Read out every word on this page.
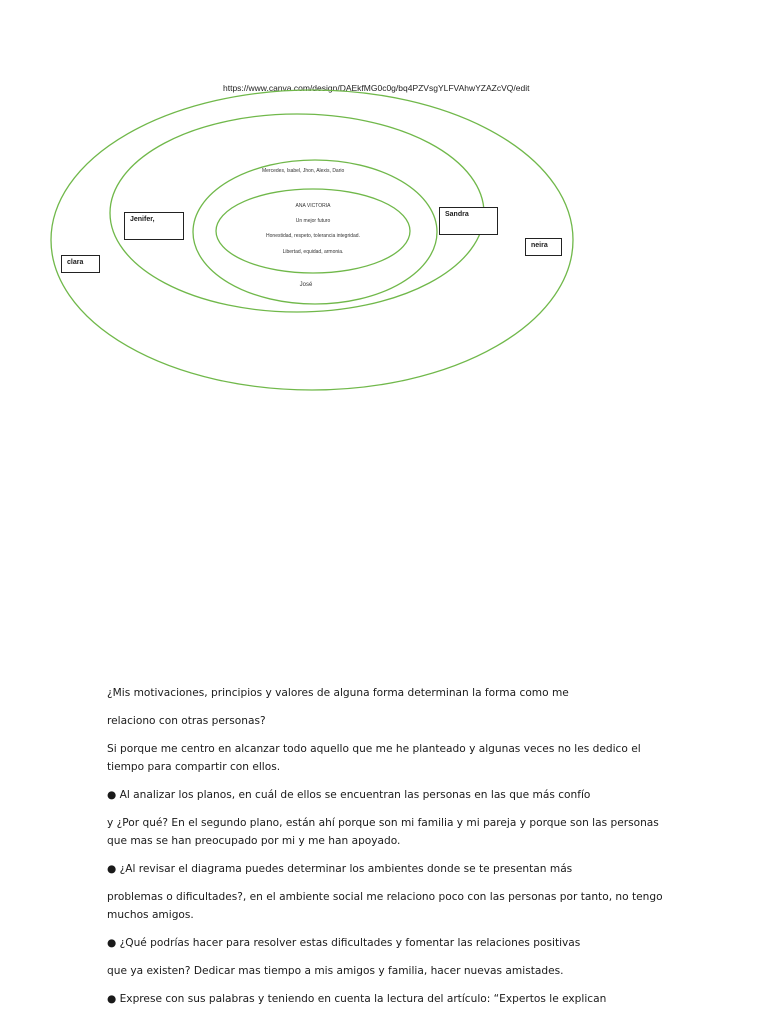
https://www.canva.com/design/DAEkfMG0c0g/bq4PZVsgYLFVAhwYZAZcVQ/edit
Mercedes, Isabel, Jhon, Alexis, Dario
ANA VICTORIA
Un mejor futuro
Honestidad, respeto, tolerancia integridad.
Libertad, equidad, armonia.
José
Jenifer,
Sandra
clara
neira

¿Mis motivaciones, principios y valores de alguna forma determinan la forma como me

relaciono con otras personas?

Si porque me centro en alcanzar todo aquello que me he planteado y algunas veces no les dedico el tiempo para compartir con ellos.

● Al analizar los planos, en cuál de ellos se encuentran las personas en las que más confío

y ¿Por qué? En el segundo plano, están ahí porque son mi familia y mi pareja y porque son las personas que mas se han preocupado por mi y me han apoyado.

● ¿Al revisar el diagrama puedes determinar los ambientes donde se te presentan más

problemas o dificultades?, en el ambiente social me relaciono poco con las personas por tanto, no tengo muchos amigos.

● ¿Qué podrías hacer para resolver estas dificultades y fomentar las relaciones positivas

que ya existen? Dedicar mas tiempo a mis amigos y familia, hacer nuevas amistades.

● Exprese con sus palabras y teniendo en cuenta la lectura del artículo: “Expertos le explican
